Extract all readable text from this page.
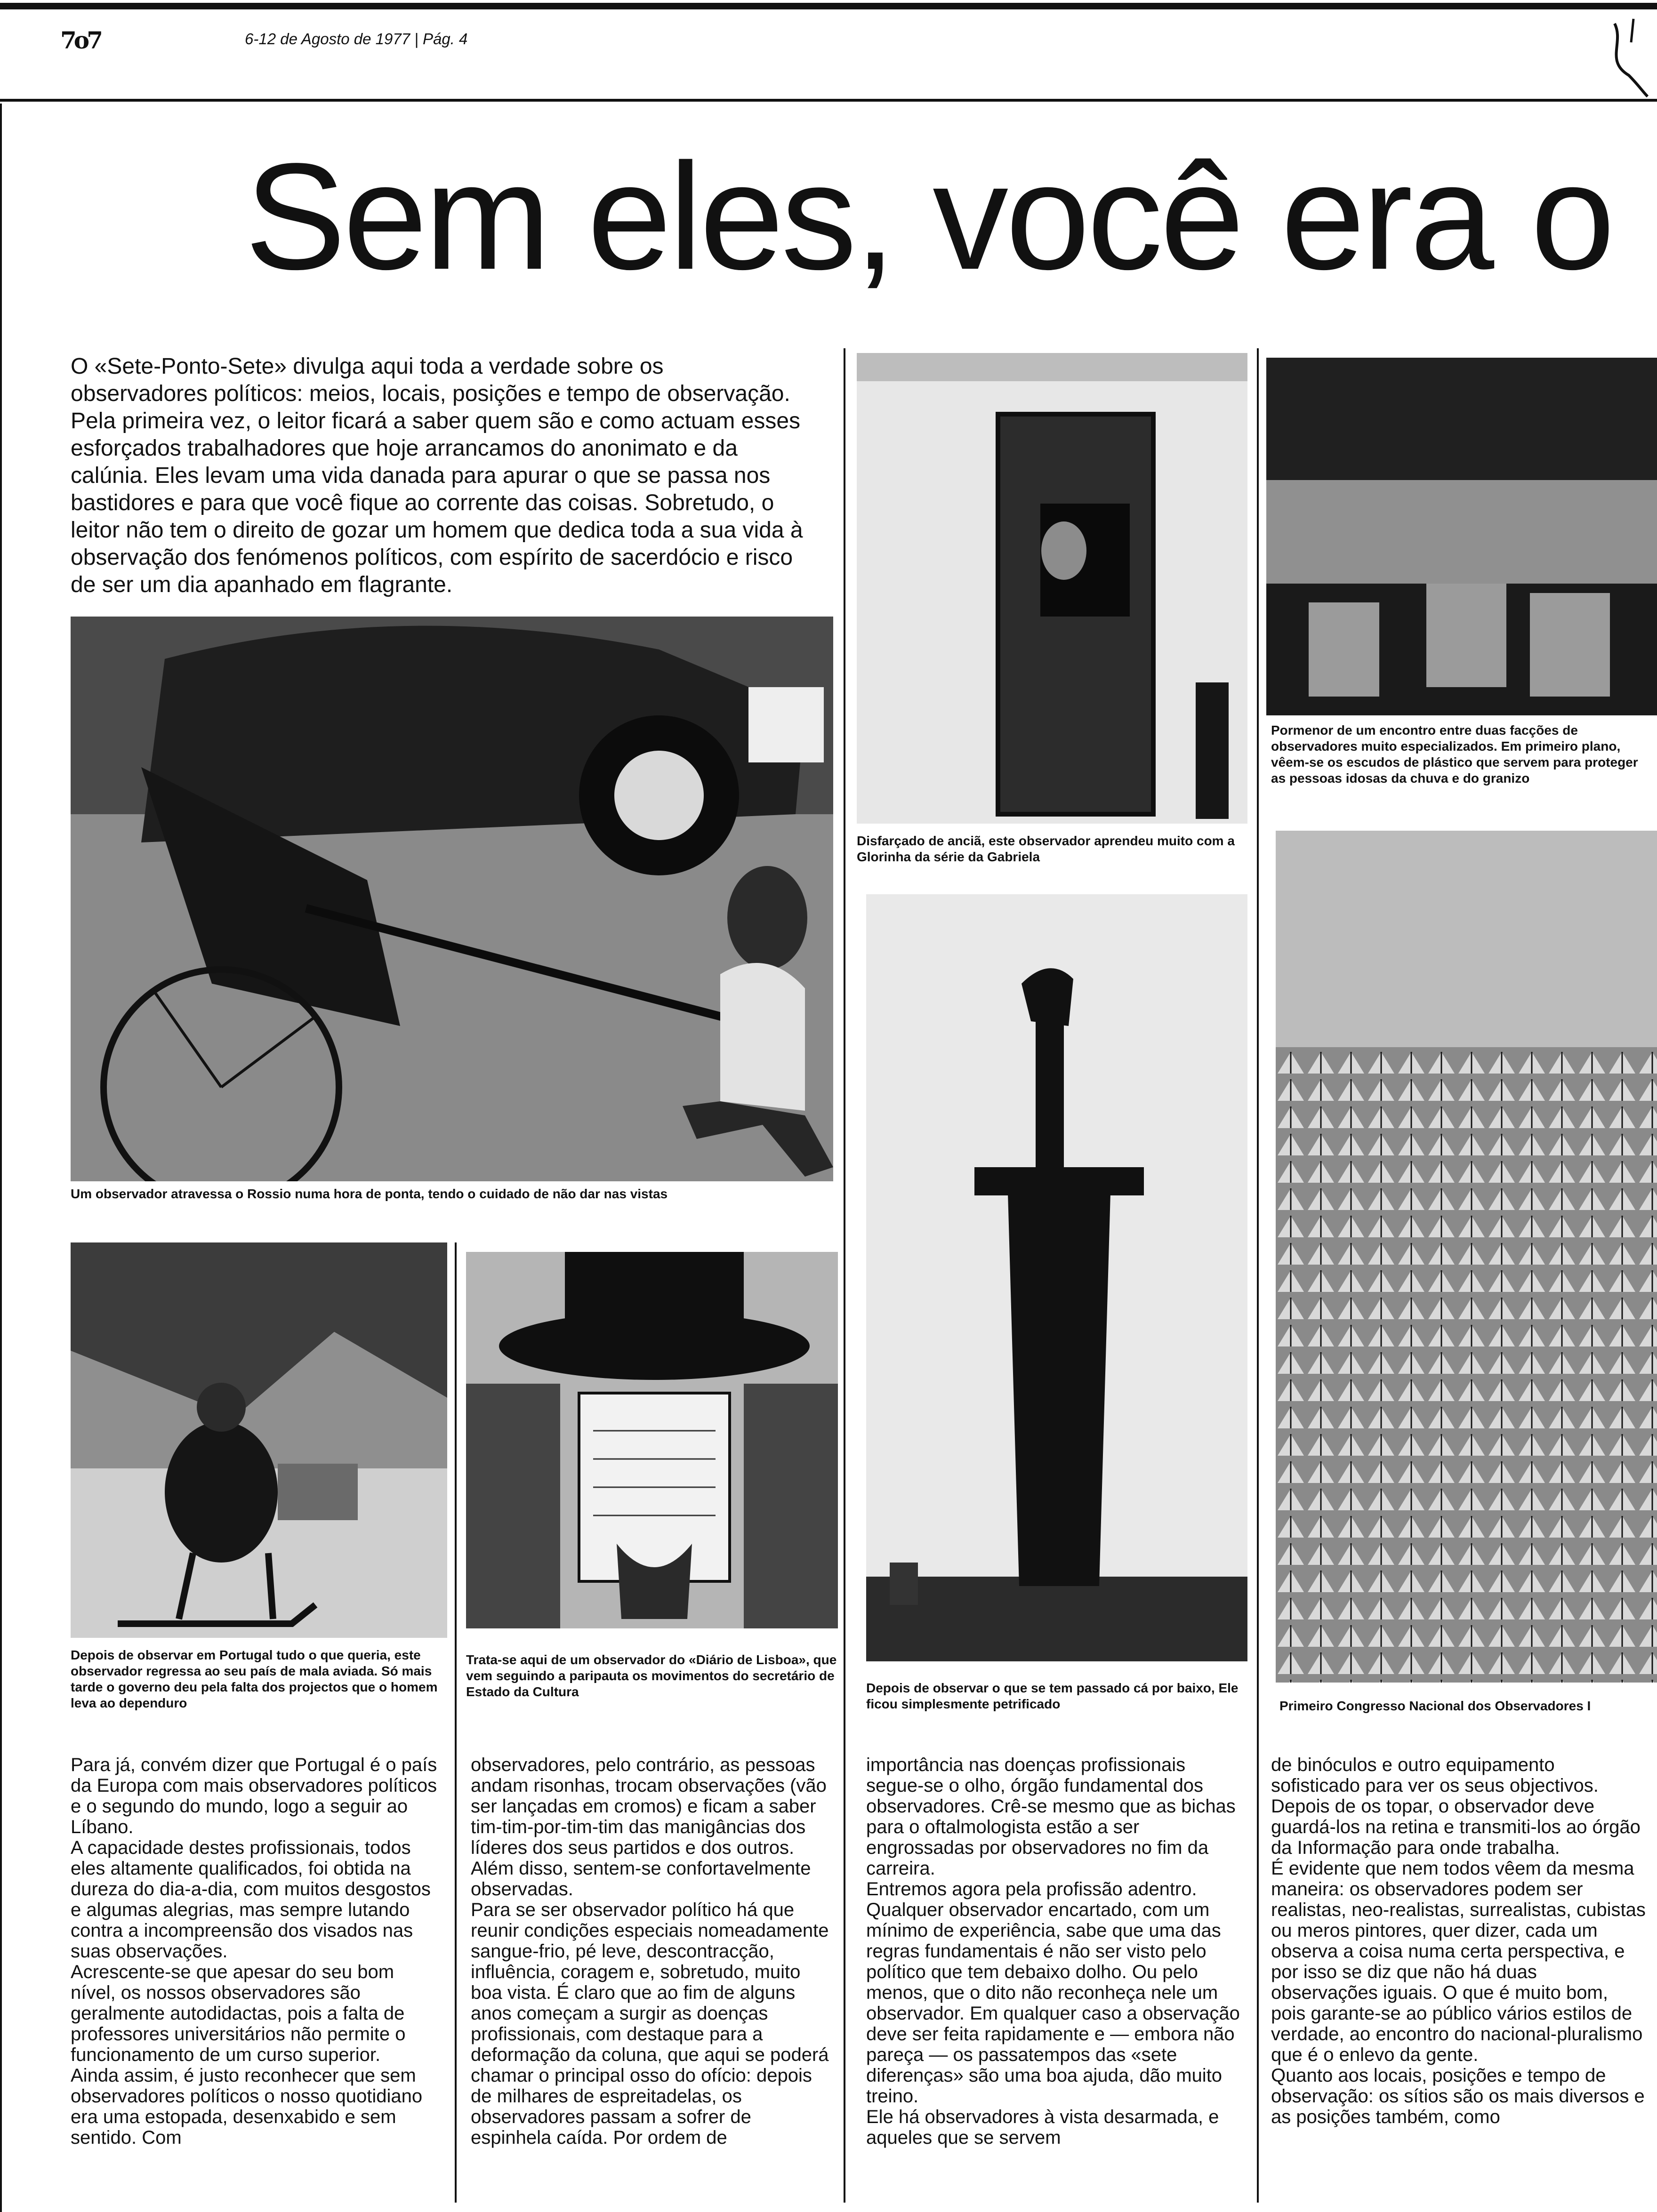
7o7	6-12 de Agosto de 1977 | Pág. 4
Sem eles, você era o
O «Sete-Ponto-Sete» divulga aqui toda a verdade sobre os observadores políticos: meios, locais, posições e tempo de observação. Pela primeira vez, o leitor ficará a saber quem são e como actuam esses esforçados trabalhadores que hoje arrancamos do anonimato e da calúnia. Eles levam uma vida danada para apurar o que se passa nos bastidores e para que você fique ao corrente das coisas. Sobretudo, o leitor não tem o direito de gozar um homem que dedica toda a sua vida à observação dos fenómenos políticos, com espírito de sacerdócio e risco de ser um dia apanhado em flagrante.
Um observador atravessa o Rossio numa hora de ponta, tendo o cuidado de não dar nas vistas
Depois de observar em Portugal tudo o que queria, este observador regressa ao seu país de mala aviada. Só mais tarde o governo deu pela falta dos projectos que o homem leva ao dependuro
Trata-se aqui de um observador do «Diário de Lisboa», que vem seguindo a paripauta os movimentos do secretário de Estado da Cultura
Disfarçado de anciã, este observador aprendeu muito com a Glorinha da série da Gabriela
Depois de observar o que se tem passado cá por baixo, Ele ficou simplesmente petrificado
Pormenor de um encontro entre duas facções de observadores muito especializados. Em primeiro plano, vêem-se os escudos de plástico que servem para proteger as pessoas idosas da chuva e do granizo
Primeiro Congresso Nacional dos Observadores I

Para já, convém dizer que Portugal é o país da Europa com mais observadores políticos e o segundo do mundo, logo a seguir ao Líbano.

A capacidade destes profissionais, todos eles altamente qualificados, foi obtida na dureza do dia-a-dia, com muitos desgostos e algumas alegrias, mas sempre lutando contra a incompreensão dos visados nas suas observações.

Acrescente-se que apesar do seu bom nível, os nossos observadores são geralmente autodidactas, pois a falta de professores universitários não permite o funcionamento de um curso superior.

Ainda assim, é justo reconhecer que sem observadores políticos o nosso quotidiano era uma estopada, desenxabido e sem sentido. Com

observadores, pelo contrário, as pessoas andam risonhas, trocam observações (vão ser lançadas em cromos) e ficam a saber tim-tim-por-tim-tim das manigâncias dos líderes dos seus partidos e dos outros. Além disso, sentem-se confortavelmente observadas.

Para se ser observador político há que reunir condições especiais nomeadamente sangue-frio, pé leve, descontracção, influência, coragem e, sobretudo, muito boa vista. É claro que ao fim de alguns anos começam a surgir as doenças profissionais, com destaque para a deformação da coluna, que aqui se poderá chamar o principal osso do ofício: depois de milhares de espreitadelas, os observadores passam a sofrer de espinhela caída. Por ordem de

importância nas doenças profissionais segue-se o olho, órgão fundamental dos observadores. Crê-se mesmo que as bichas para o oftalmologista estão a ser engrossadas por observadores no fim da carreira.

Entremos agora pela profissão adentro.

Qualquer observador encartado, com um mínimo de experiência, sabe que uma das regras fundamentais é não ser visto pelo político que tem debaixo dolho. Ou pelo menos, que o dito não reconheça nele um observador. Em qualquer caso a observação deve ser feita rapidamente e — embora não pareça — os passatempos das «sete diferenças» são uma boa ajuda, dão muito treino.

Ele há observadores à vista desarmada, e aqueles que se servem

de binóculos e outro equipamento sofisticado para ver os seus objectivos. Depois de os topar, o observador deve guardá-los na retina e transmiti-los ao órgão da Informação para onde trabalha.

É evidente que nem todos vêem da mesma maneira: os observadores podem ser realistas, neo-realistas, surrealistas, cubistas ou meros pintores, quer dizer, cada um observa a coisa numa certa perspectiva, e por isso se diz que não há duas observações iguais. O que é muito bom, pois garante-se ao público vários estilos de verdade, ao encontro do nacional-pluralismo que é o enlevo da gente.

Quanto aos locais, posições e tempo de observação: os sítios são os mais diversos e as posições também, como
